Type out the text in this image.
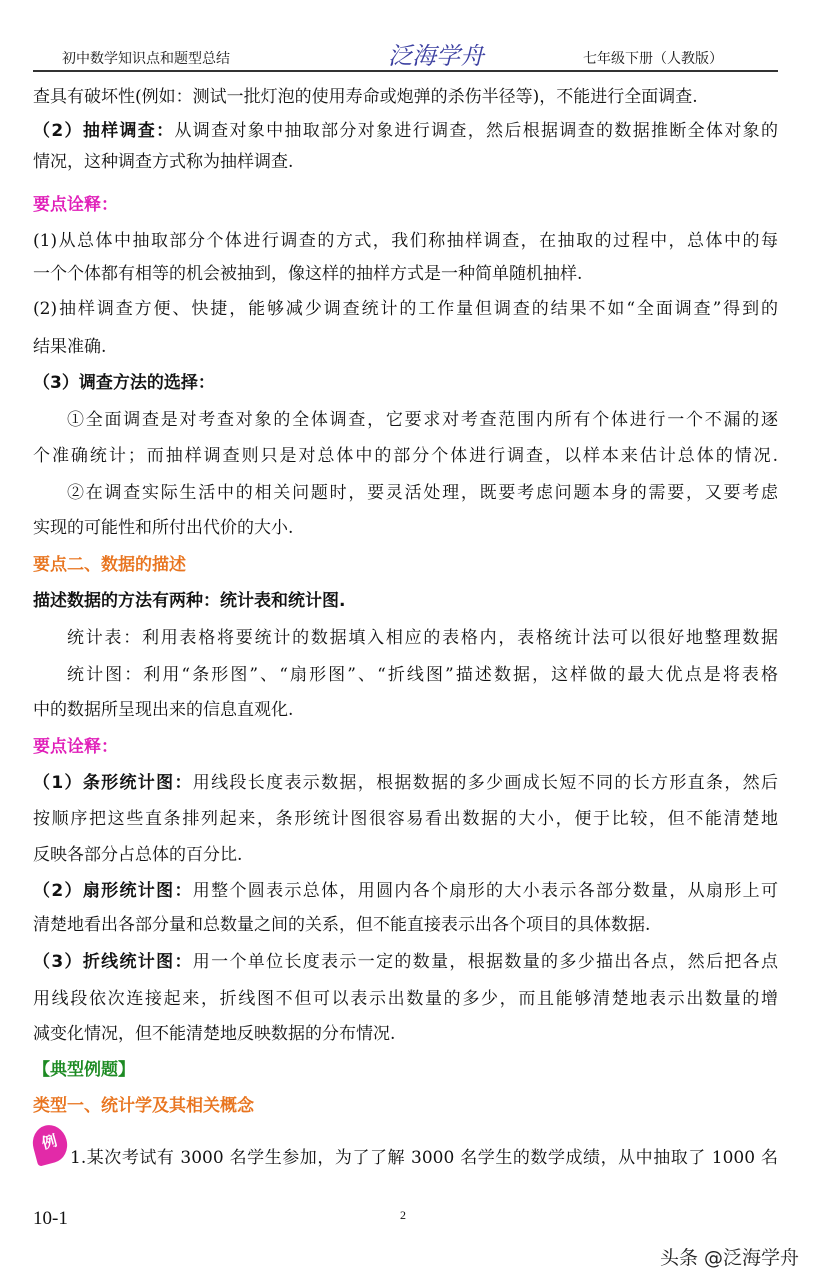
初中数学知识点和题型总结	泛海学舟	七年级下册（人教版）
查具有破坏性(例如：测试一批灯泡的使用寿命或炮弹的杀伤半径等)，不能进行全面调查.
（2）抽样调查：从调查对象中抽取部分对象进行调查，然后根据调查的数据推断全体对象的
情况，这种调查方式称为抽样调查.
要点诠释：
(1)从总体中抽取部分个体进行调查的方式，我们称抽样调查，在抽取的过程中，总体中的每
一个个体都有相等的机会被抽到，像这样的抽样方式是一种简单随机抽样.
(2)抽样调查方便、快捷，能够减少调查统计的工作量但调查的结果不如“全面调查”得到的
结果准确.
（3）调查方法的选择：
①全面调查是对考查对象的全体调查，它要求对考查范围内所有个体进行一个不漏的逐
个准确统计；而抽样调查则只是对总体中的部分个体进行调查，以样本来估计总体的情况.
②在调查实际生活中的相关问题时，要灵活处理，既要考虑问题本身的需要，又要考虑
实现的可能性和所付出代价的大小.
要点二、数据的描述
描述数据的方法有两种：统计表和统计图.
统计表：利用表格将要统计的数据填入相应的表格内，表格统计法可以很好地整理数据
统计图：利用“条形图”、“扇形图”、“折线图”描述数据，这样做的最大优点是将表格
中的数据所呈现出来的信息直观化.
要点诠释：
（1）条形统计图：用线段长度表示数据，根据数据的多少画成长短不同的长方形直条，然后
按顺序把这些直条排列起来，条形统计图很容易看出数据的大小，便于比较，但不能清楚地
反映各部分占总体的百分比.
（2）扇形统计图：用整个圆表示总体，用圆内各个扇形的大小表示各部分数量，从扇形上可
清楚地看出各部分量和总数量之间的关系，但不能直接表示出各个项目的具体数据.
（3）折线统计图：用一个单位长度表示一定的数量，根据数量的多少描出各点，然后把各点
用线段依次连接起来，折线图不但可以表示出数量的多少，而且能够清楚地表示出数量的增
减变化情况，但不能清楚地反映数据的分布情况.
【典型例题】
类型一、统计学及其相关概念
例
1.某次考试有 3000 名学生参加，为了了解 3000 名学生的数学成绩，从中抽取了 1000 名
10-1	2
头条 @泛海学舟
